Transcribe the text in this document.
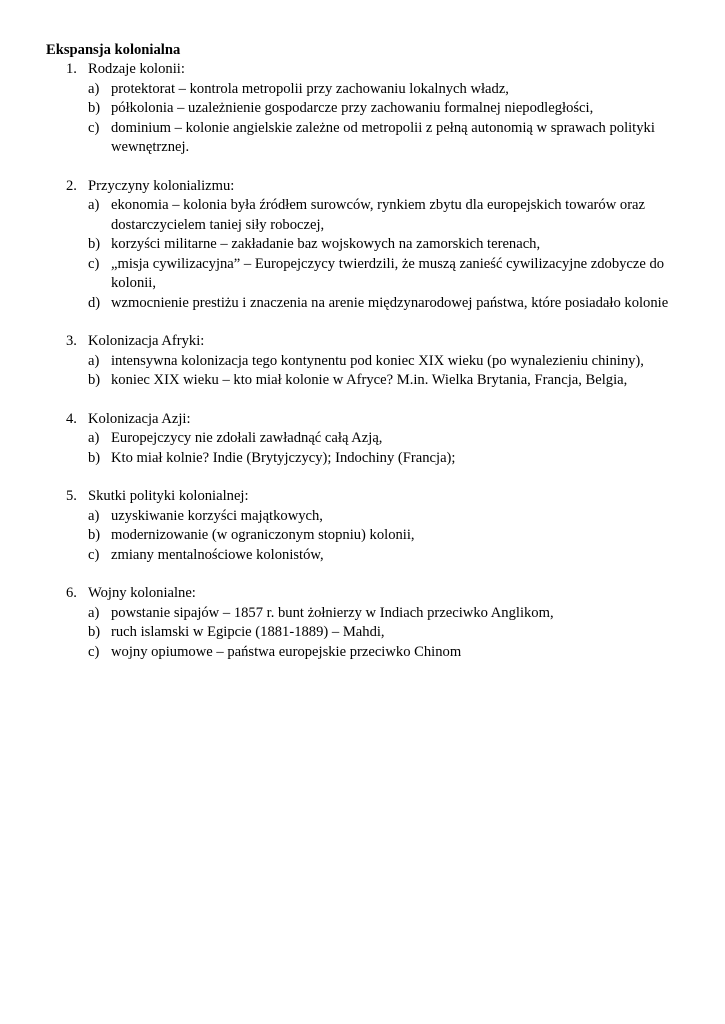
Ekspansja kolonialna
1. Rodzaje kolonii:
a) protektorat – kontrola metropolii przy zachowaniu lokalnych władz,
b) półkolonia – uzależnienie gospodarcze przy zachowaniu formalnej niepodległości,
c) dominium – kolonie angielskie zależne od metropolii z pełną autonomią w sprawach polityki
wewnętrznej.
2. Przyczyny kolonializmu:
a) ekonomia – kolonia była źródłem surowców, rynkiem zbytu dla europejskich towarów oraz
dostarczycielem taniej siły roboczej,
b) korzyści militarne – zakładanie baz wojskowych na zamorskich terenach,
c) „misja cywilizacyjna” – Europejczycy twierdzili, że muszą zanieść cywilizacyjne zdobycze do
kolonii,
d) wzmocnienie prestiżu i znaczenia na arenie międzynarodowej państwa, które posiadało kolonie
3. Kolonizacja Afryki:
a) intensywna kolonizacja tego kontynentu pod koniec XIX wieku (po wynalezieniu chininy),
b) koniec XIX wieku – kto miał kolonie w Afryce? M.in. Wielka Brytania, Francja, Belgia,
4. Kolonizacja Azji:
a) Europejczycy nie zdołali zawładnąć całą Azją,
b) Kto miał kolnie? Indie (Brytyjczycy); Indochiny (Francja);
5. Skutki polityki kolonialnej:
a) uzyskiwanie korzyści majątkowych,
b) modernizowanie (w ograniczonym stopniu) kolonii,
c) zmiany mentalnościowe kolonistów,
6. Wojny kolonialne:
a) powstanie sipajów – 1857 r. bunt żołnierzy w Indiach przeciwko Anglikom,
b) ruch islamski w Egipcie (1881-1889) – Mahdi,
c) wojny opiumowe – państwa europejskie przeciwko Chinom
